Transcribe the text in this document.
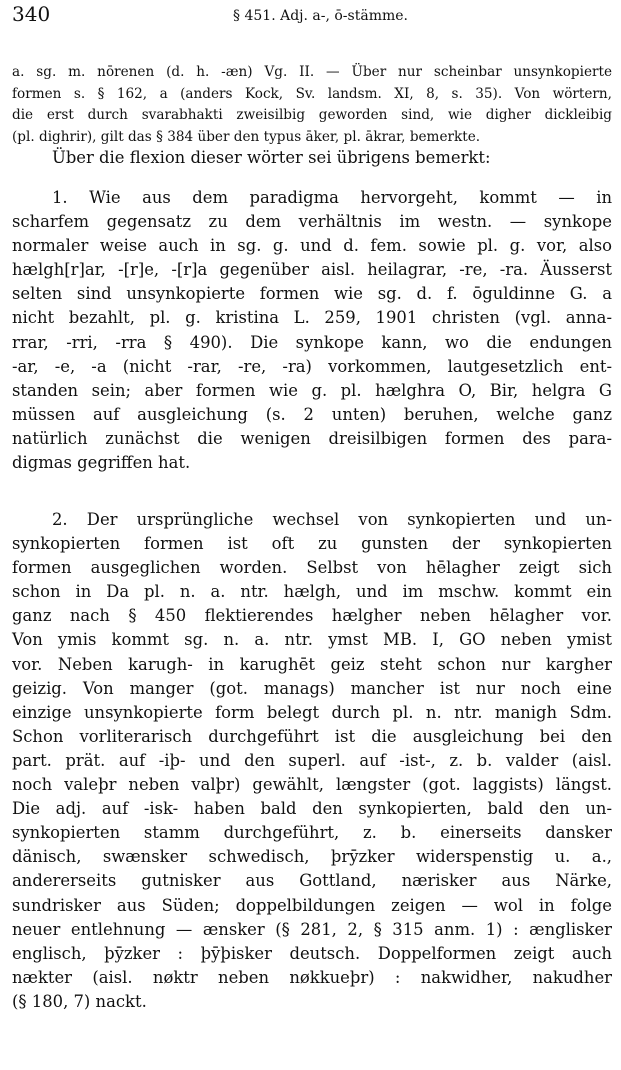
340	§ 451. Adj. a-, ō-stämme.
a. sg. m. nōrenen (d. h. -æn) Vg. II. — Über nur scheinbar unsynkopierte
formen s. § 162, a (anders Kock, Sv. landsm. XI, 8, s. 35). Von wörtern,
die erst durch svarabhakti zweisilbig geworden sind, wie digher dickleibig
(pl. dighrir), gilt das § 384 über den typus āker, pl. ākrar, bemerkte.
Über die flexion dieser wörter sei übrigens bemerkt:
1. Wie aus dem paradigma hervorgeht, kommt — in
scharfem gegensatz zu dem verhältnis im westn. — synkope
normaler weise auch in sg. g. und d. fem. sowie pl. g. vor, also
hælgh[r]ar, -[r]e, -[r]a gegenüber aisl. heilagrar, -re, -ra. Äusserst
selten sind unsynkopierte formen wie sg. d. f. ōguldinne G. a
nicht bezahlt, pl. g. kristina L. 259, 1901 christen (vgl. anna-
rrar, -rri, -rra § 490). Die synkope kann, wo die endungen
-ar, -e, -a (nicht -rar, -re, -ra) vorkommen, lautgesetzlich ent-
standen sein; aber formen wie g. pl. hælghra O, Bir, helgra G
müssen auf ausgleichung (s. 2 unten) beruhen, welche ganz
natürlich zunächst die wenigen dreisilbigen formen des para-
digmas gegriffen hat.
2. Der ursprüngliche wechsel von synkopierten und un-
synkopierten formen ist oft zu gunsten der synkopierten
formen ausgeglichen worden. Selbst von hēlagher zeigt sich
schon in Da pl. n. a. ntr. hælgh, und im mschw. kommt ein
ganz nach § 450 flektierendes hælgher neben hēlagher vor.
Von ymis kommt sg. n. a. ntr. ymst MB. I, GO neben ymist
vor. Neben karugh- in karughēt geiz steht schon nur kargher
geizig. Von manger (got. manags) mancher ist nur noch eine
einzige unsynkopierte form belegt durch pl. n. ntr. manigh Sdm.
Schon vorliterarisch durchgeführt ist die ausgleichung bei den
part. prät. auf -iþ- und den superl. auf -ist-, z. b. valder (aisl.
noch valeþr neben valþr) gewählt, længster (got. laggists) längst.
Die adj. auf -isk- haben bald den synkopierten, bald den un-
synkopierten stamm durchgeführt, z. b. einerseits dansker
dänisch, swænsker schwedisch, þrȳzker widerspenstig u. a.,
andererseits gutnisker aus Gottland, nærisker aus Närke,
sundrisker aus Süden; doppelbildungen zeigen — wol in folge
neuer entlehnung — ænsker (§ 281, 2, § 315 anm. 1) : ænglisker
englisch, þȳzker : þȳþisker deutsch. Doppelformen zeigt auch
nækter (aisl. nøktr neben nøkkueþr) : nakwidher, nakudher
(§ 180, 7) nackt.
